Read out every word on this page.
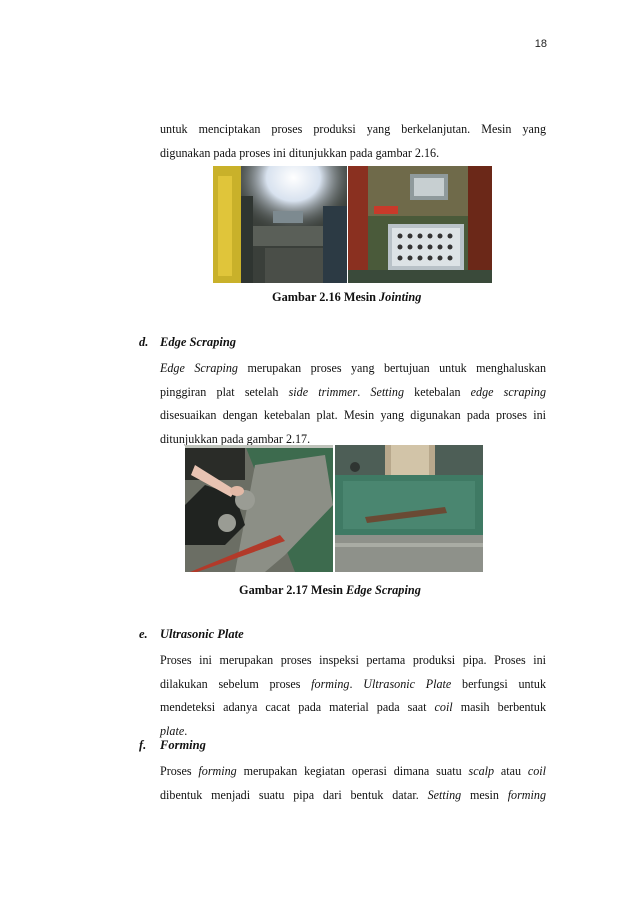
18
untuk menciptakan proses produksi yang berkelanjutan. Mesin yang
digunakan pada proses ini ditunjukkan pada gambar 2.16.
Gambar 2.16 Mesin Jointing
d. Edge Scraping
Edge Scraping merupakan proses yang bertujuan untuk menghaluskan
pinggiran plat setelah side trimmer. Setting ketebalan edge scraping
disesuaikan dengan ketebalan plat. Mesin yang digunakan pada proses ini
ditunjukkan pada gambar 2.17.
Gambar 2.17 Mesin Edge Scraping
e. Ultrasonic Plate
Proses ini merupakan proses inspeksi pertama produksi pipa. Proses ini
dilakukan sebelum proses forming. Ultrasonic Plate berfungsi untuk
mendeteksi adanya cacat pada material pada saat coil masih berbentuk
plate.
f. Forming
Proses forming merupakan kegiatan operasi dimana suatu scalp atau coil
dibentuk menjadi suatu pipa dari bentuk datar. Setting mesin forming
